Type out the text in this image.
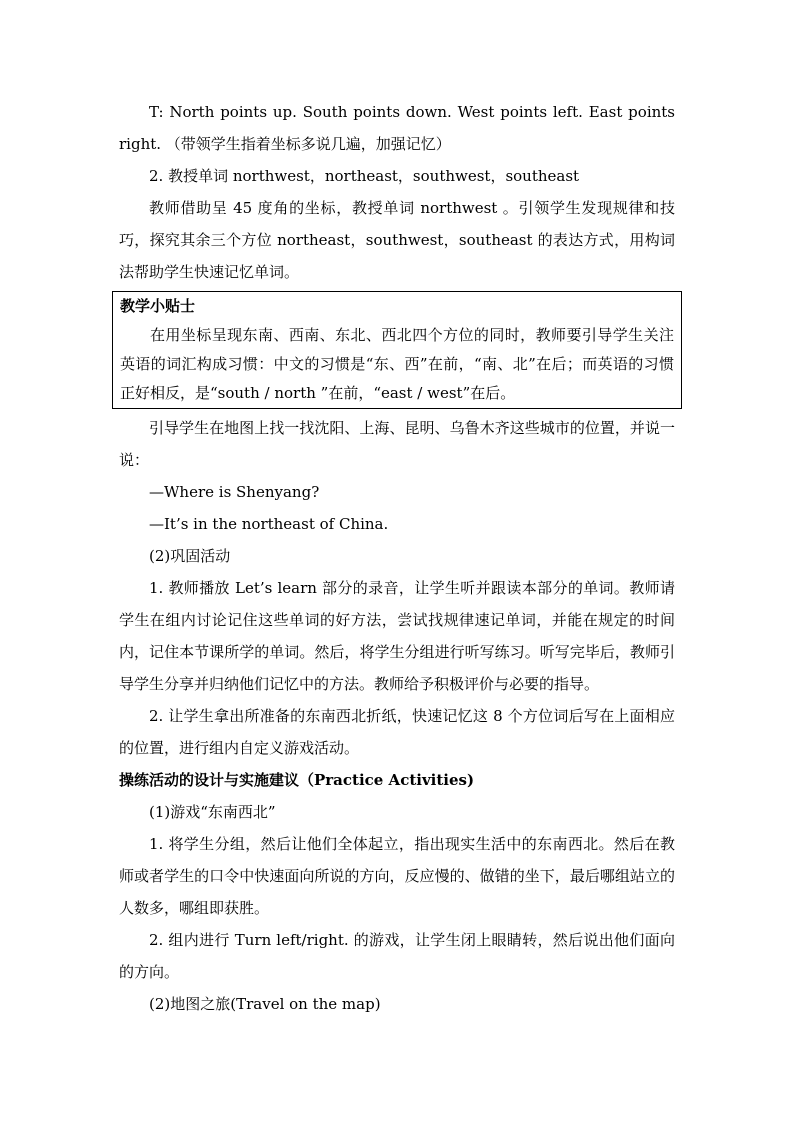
T: North points up. South points down. West points left. East points right. （带领学生指着坐标多说几遍，加强记忆）

2. 教授单词 northwest，northeast，southwest，southeast

教师借助呈 45 度角的坐标，教授单词 northwest 。引领学生发现规律和技巧，探究其余三个方位 northeast，southwest，southeast 的表达方式，用构词法帮助学生快速记忆单词。

教学小贴士

在用坐标呈现东南、西南、东北、西北四个方位的同时，教师要引导学生关注英语的词汇构成习惯：中文的习惯是“东、西”在前，“南、北”在后；而英语的习惯正好相反，是“south / north ”在前，“east / west”在后。

引导学生在地图上找一找沈阳、上海、昆明、乌鲁木齐这些城市的位置，并说一说：

—Where is Shenyang?

—It’s in the northeast of China.

(2)巩固活动

1. 教师播放 Let’s learn 部分的录音，让学生听并跟读本部分的单词。教师请学生在组内讨论记住这些单词的好方法，尝试找规律速记单词，并能在规定的时间内，记住本节课所学的单词。然后，将学生分组进行听写练习。听写完毕后，教师引导学生分享并归纳他们记忆中的方法。教师给予积极评价与必要的指导。

2. 让学生拿出所准备的东南西北折纸，快速记忆这 8 个方位词后写在上面相应的位置，进行组内自定义游戏活动。

操练活动的设计与实施建议（Practice Activities)

(1)游戏“东南西北”

1. 将学生分组，然后让他们全体起立，指出现实生活中的东南西北。然后在教师或者学生的口令中快速面向所说的方向，反应慢的、做错的坐下，最后哪组站立的人数多，哪组即获胜。

2. 组内进行 Turn left/right. 的游戏，让学生闭上眼睛转，然后说出他们面向的方向。

(2)地图之旅(Travel on the map)
